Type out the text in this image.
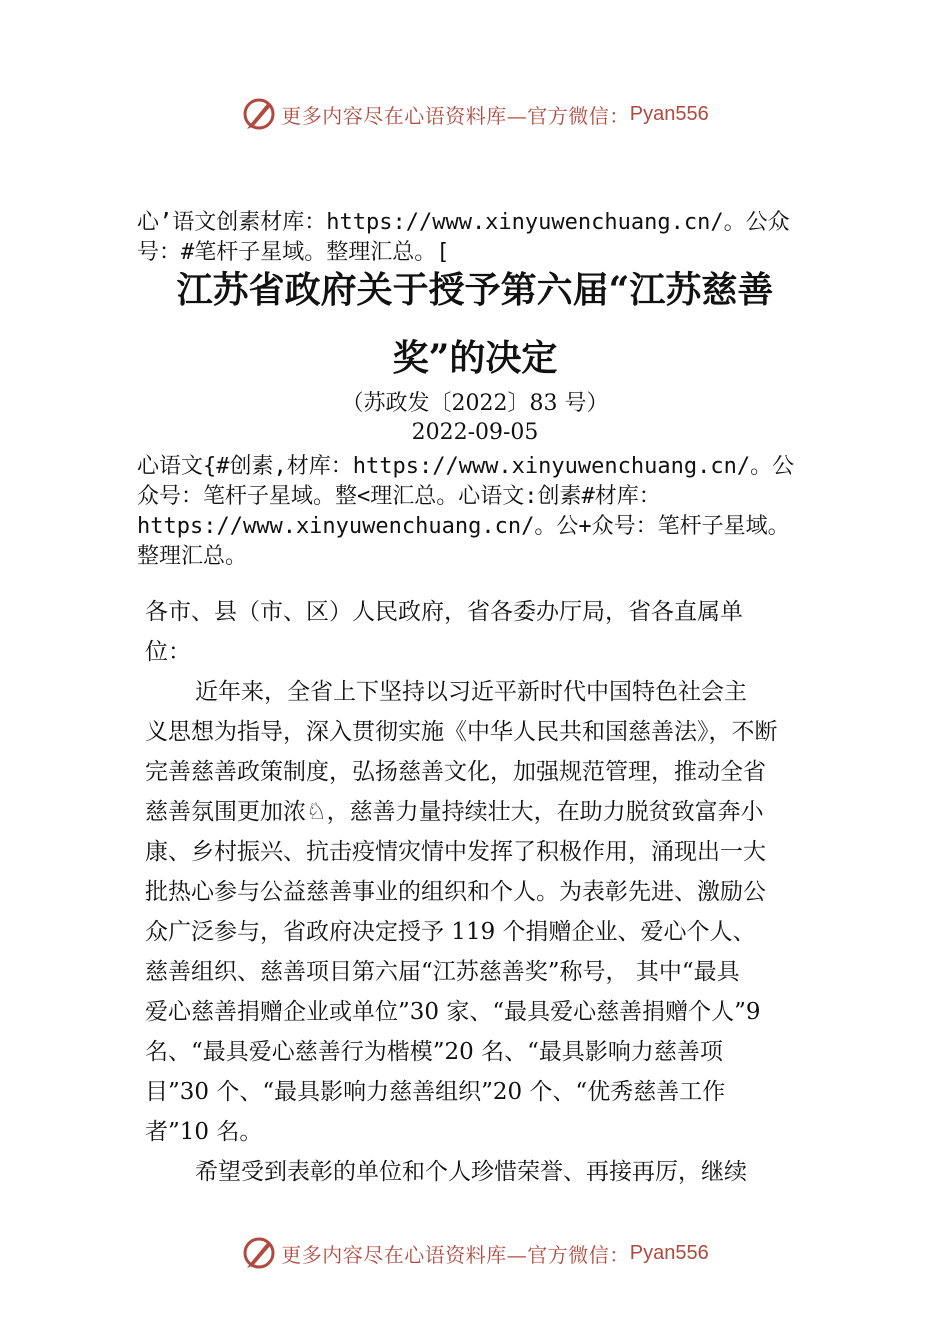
更多内容尽在心语资料库—官方微信： Pyan556
心’语文创素材库：https://www.xinyuwenchuang.cn/。公众
号：#笔杆子星域。整理汇总。[
江苏省政府关于授予第六届“江苏慈善
奖”的决定
（苏政发〔2022〕83 号）
2022-09-05
心语文{#创素,材库：https://www.xinyuwenchuang.cn/。公
众号：笔杆子星域。整<理汇总。心语文:创素#材库：
https://www.xinyuwenchuang.cn/。公+众号：笔杆子星域。
整理汇总。
各市、县（市、区）人民政府，省各委办厅局，省各直属单
位：
近年来，全省上下坚持以习近平新时代中国特色社会主
义思想为指导，深入贯彻实施《中华人民共和国慈善法》，不断
完善慈善政策制度，弘扬慈善文化，加强规范管理，推动全省
慈善氛围更加浓♘，慈善力量持续壮大，在助力脱贫致富奔小
康、乡村振兴、抗击疫情灾情中发挥了积极作用，涌现出一大
批热心参与公益慈善事业的组织和个人。为表彰先进、激励公
众广泛参与，省政府决定授予 119 个捐赠企业、爱心个人、
慈善组织、慈善项目第六届“江苏慈善奖”称号， 其中“最具
爱心慈善捐赠企业或单位”30 家、“最具爱心慈善捐赠个人”9
名、“最具爱心慈善行为楷模”20 名、“最具影响力慈善项
目”30 个、“最具影响力慈善组织”20 个、“优秀慈善工作
者”10 名。
希望受到表彰的单位和个人珍惜荣誉、再接再厉，继续
更多内容尽在心语资料库—官方微信： Pyan556
